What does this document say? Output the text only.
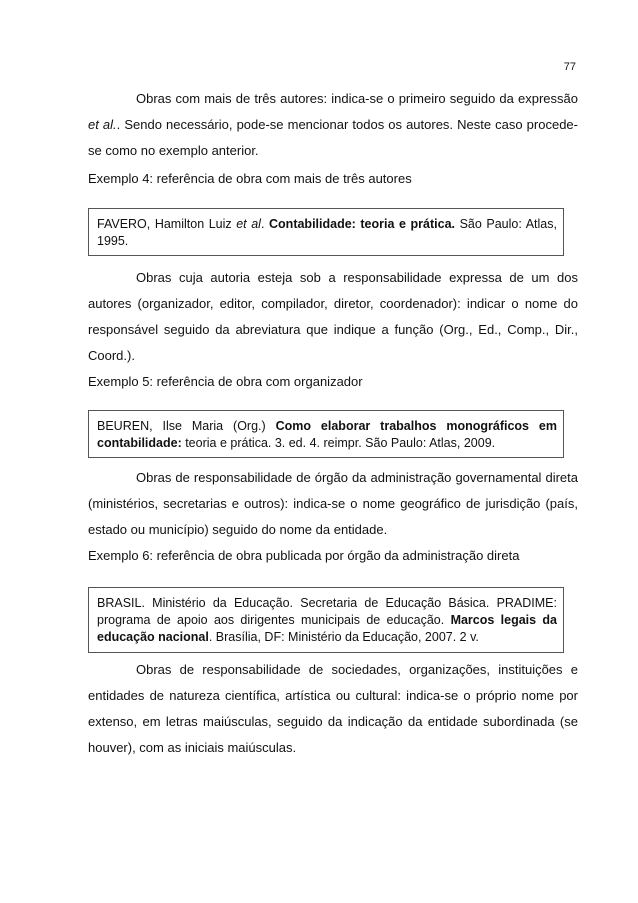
77

Obras com mais de três autores: indica-se o primeiro seguido da expressão et al.. Sendo necessário, pode-se mencionar todos os autores. Neste caso procede-se como no exemplo anterior.

Exemplo 4: referência de obra com mais de três autores

FAVERO, Hamilton Luiz et al. Contabilidade: teoria e prática. São Paulo: Atlas, 1995.

Obras cuja autoria esteja sob a responsabilidade expressa de um dos autores (organizador, editor, compilador, diretor, coordenador): indicar o nome do responsável seguido da abreviatura que indique a função (Org., Ed., Comp., Dir., Coord.).

Exemplo 5: referência de obra com organizador

BEUREN, Ilse Maria (Org.) Como elaborar trabalhos monográficos em contabilidade: teoria e prática. 3. ed. 4. reimpr. São Paulo: Atlas, 2009.

Obras de responsabilidade de órgão da administração governamental direta (ministérios, secretarias e outros): indica-se o nome geográfico de jurisdição (país, estado ou município) seguido do nome da entidade.

Exemplo 6: referência de obra publicada por órgão da administração direta

BRASIL. Ministério da Educação. Secretaria de Educação Básica. PRADIME: programa de apoio aos dirigentes municipais de educação. Marcos legais da educação nacional. Brasília, DF: Ministério da Educação, 2007. 2 v.

Obras de responsabilidade de sociedades, organizações, instituições e entidades de natureza científica, artística ou cultural: indica-se o próprio nome por extenso, em letras maiúsculas, seguido da indicação da entidade subordinada (se houver), com as iniciais maiúsculas.
